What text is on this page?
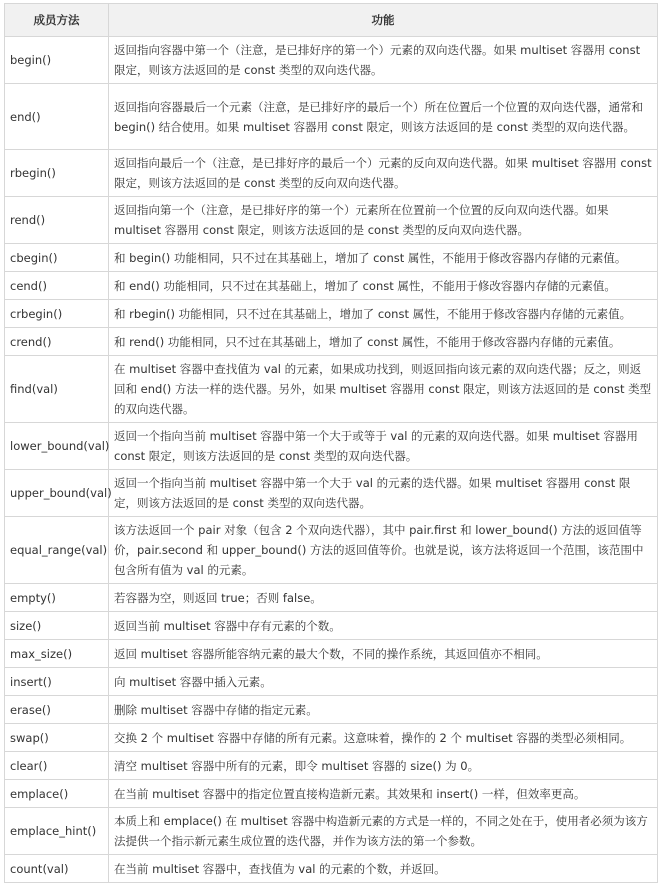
成员方法	功能
begin()	返回指向容器中第一个（注意，是已排好序的第一个）元素的双向迭代器。如果 multiset 容器用 const 限定，则该方法返回的是 const 类型的双向迭代器。
end()	返回指向容器最后一个元素（注意，是已排好序的最后一个）所在位置后一个位置的双向迭代器，通常和 begin() 结合使用。如果 multiset 容器用 const 限定，则该方法返回的是 const 类型的双向迭代器。
rbegin()	返回指向最后一个（注意，是已排好序的最后一个）元素的反向双向迭代器。如果 multiset 容器用 const 限定，则该方法返回的是 const 类型的反向双向迭代器。
rend()	返回指向第一个（注意，是已排好序的第一个）元素所在位置前一个位置的反向双向迭代器。如果 multiset 容器用 const 限定，则该方法返回的是 const 类型的反向双向迭代器。
cbegin()	和 begin() 功能相同，只不过在其基础上，增加了 const 属性，不能用于修改容器内存储的元素值。
cend()	和 end() 功能相同，只不过在其基础上，增加了 const 属性，不能用于修改容器内存储的元素值。
crbegin()	和 rbegin() 功能相同，只不过在其基础上，增加了 const 属性，不能用于修改容器内存储的元素值。
crend()	和 rend() 功能相同，只不过在其基础上，增加了 const 属性，不能用于修改容器内存储的元素值。
find(val)	在 multiset 容器中查找值为 val 的元素，如果成功找到，则返回指向该元素的双向迭代器；反之，则返回和 end() 方法一样的迭代器。另外，如果 multiset 容器用 const 限定，则该方法返回的是 const 类型的双向迭代器。
lower_bound(val)	返回一个指向当前 multiset 容器中第一个大于或等于 val 的元素的双向迭代器。如果 multiset 容器用 const 限定，则该方法返回的是 const 类型的双向迭代器。
upper_bound(val)	返回一个指向当前 multiset 容器中第一个大于 val 的元素的迭代器。如果 multiset 容器用 const 限定，则该方法返回的是 const 类型的双向迭代器。
equal_range(val)	该方法返回一个 pair 对象（包含 2 个双向迭代器），其中 pair.first 和 lower_bound() 方法的返回值等价，pair.second 和 upper_bound() 方法的返回值等价。也就是说，该方法将返回一个范围，该范围中包含所有值为 val 的元素。
empty()	若容器为空，则返回 true；否则 false。
size()	返回当前 multiset 容器中存有元素的个数。
max_size()	返回 multiset 容器所能容纳元素的最大个数，不同的操作系统，其返回值亦不相同。
insert()	向 multiset 容器中插入元素。
erase()	删除 multiset 容器中存储的指定元素。
swap()	交换 2 个 multiset 容器中存储的所有元素。这意味着，操作的 2 个 multiset 容器的类型必须相同。
clear()	清空 multiset 容器中所有的元素，即令 multiset 容器的 size() 为 0。
emplace()	在当前 multiset 容器中的指定位置直接构造新元素。其效果和 insert() 一样，但效率更高。
emplace_hint()	本质上和 emplace() 在 multiset 容器中构造新元素的方式是一样的，不同之处在于，使用者必须为该方法提供一个指示新元素生成位置的迭代器，并作为该方法的第一个参数。
count(val)	在当前 multiset 容器中，查找值为 val 的元素的个数，并返回。
